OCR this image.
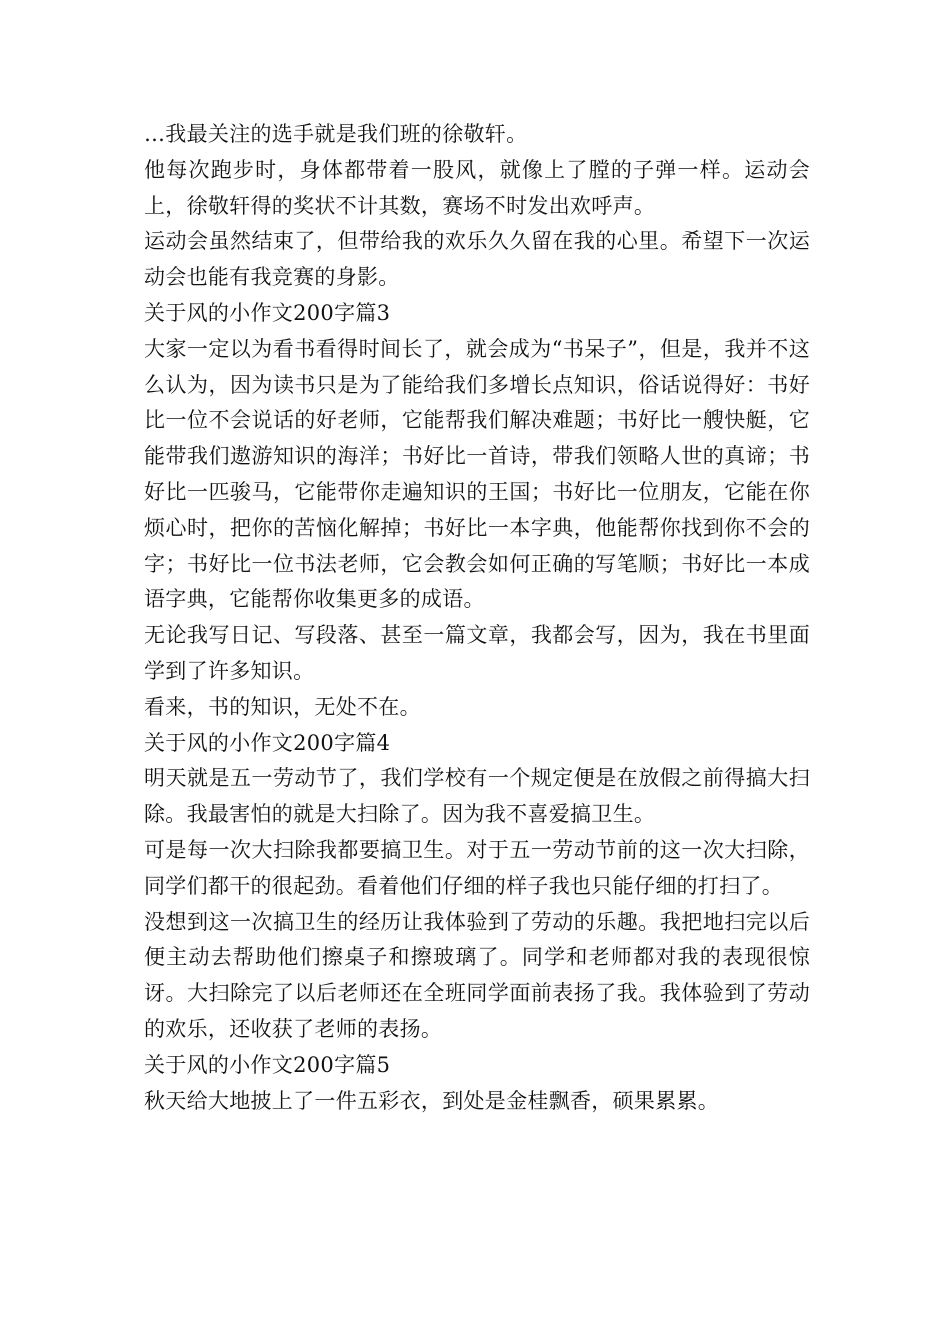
…我最关注的选手就是我们班的徐敬轩。

他每次跑步时，身体都带着一股风，就像上了膛的子弹一样。运动会上，徐敬轩得的奖状不计其数，赛场不时发出欢呼声。

运动会虽然结束了，但带给我的欢乐久久留在我的心里。希望下一次运动会也能有我竞赛的身影。

关于风的小作文200字篇3

大家一定以为看书看得时间长了，就会成为“书呆子”，但是，我并不这么认为，因为读书只是为了能给我们多增长点知识，俗话说得好：书好比一位不会说话的好老师，它能帮我们解决难题；书好比一艘快艇，它能带我们遨游知识的海洋；书好比一首诗，带我们领略人世的真谛；书好比一匹骏马，它能带你走遍知识的王国；书好比一位朋友，它能在你烦心时，把你的苦恼化解掉；书好比一本字典，他能帮你找到你不会的字；书好比一位书法老师，它会教会如何正确的写笔顺；书好比一本成语字典，它能帮你收集更多的成语。

无论我写日记、写段落、甚至一篇文章，我都会写，因为，我在书里面学到了许多知识。

看来，书的知识，无处不在。

关于风的小作文200字篇4

明天就是五一劳动节了，我们学校有一个规定便是在放假之前得搞大扫除。我最害怕的就是大扫除了。因为我不喜爱搞卫生。

可是每一次大扫除我都要搞卫生。对于五一劳动节前的这一次大扫除，同学们都干的很起劲。看着他们仔细的样子我也只能仔细的打扫了。

没想到这一次搞卫生的经历让我体验到了劳动的乐趣。我把地扫完以后便主动去帮助他们擦桌子和擦玻璃了。同学和老师都对我的表现很惊讶。大扫除完了以后老师还在全班同学面前表扬了我。我体验到了劳动的欢乐，还收获了老师的表扬。

关于风的小作文200字篇5

秋天给大地披上了一件五彩衣，到处是金桂飘香，硕果累累。
